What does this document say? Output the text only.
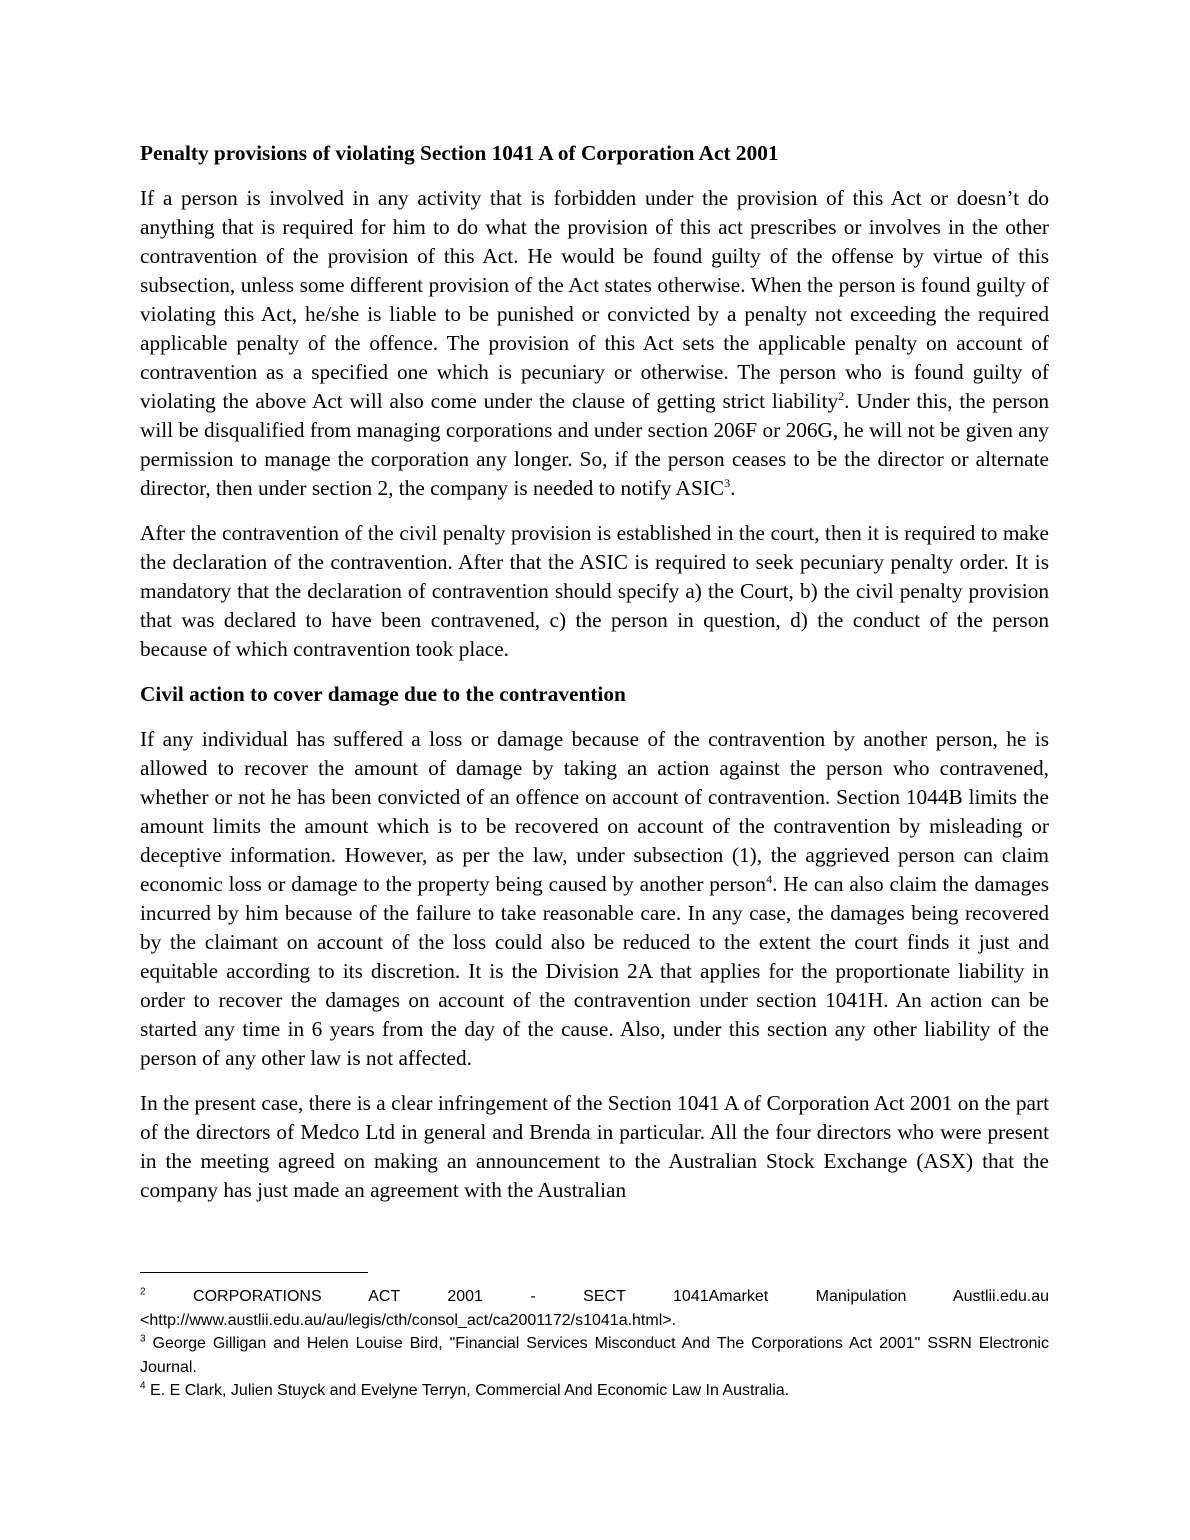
Penalty provisions of violating Section 1041 A of Corporation Act 2001

If a person is involved in any activity that is forbidden under the provision of this Act or doesn’t do anything that is required for him to do what the provision of this act prescribes or involves in the other contravention of the provision of this Act. He would be found guilty of the offense by virtue of this subsection, unless some different provision of the Act states otherwise. When the person is found guilty of violating this Act, he/she is liable to be punished or convicted by a penalty not exceeding the required applicable penalty of the offence. The provision of this Act sets the applicable penalty on account of contravention as a specified one which is pecuniary or otherwise. The person who is found guilty of violating the above Act will also come under the clause of getting strict liability$^2$. Under this, the person will be disqualified from managing corporations and under section 206F or 206G, he will not be given any permission to manage the corporation any longer. So, if the person ceases to be the director or alternate director, then under section 2, the company is needed to notify ASIC$^3$.

After the contravention of the civil penalty provision is established in the court, then it is required to make the declaration of the contravention. After that the ASIC is required to seek pecuniary penalty order. It is mandatory that the declaration of contravention should specify a) the Court, b) the civil penalty provision that was declared to have been contravened, c) the person in question, d) the conduct of the person because of which contravention took place.

Civil action to cover damage due to the contravention

If any individual has suffered a loss or damage because of the contravention by another person, he is allowed to recover the amount of damage by taking an action against the person who contravened, whether or not he has been convicted of an offence on account of contravention. Section 1044B limits the amount limits the amount which is to be recovered on account of the contravention by misleading or deceptive information. However, as per the law, under subsection (1), the aggrieved person can claim economic loss or damage to the property being caused by another person$^4$. He can also claim the damages incurred by him because of the failure to take reasonable care. In any case, the damages being recovered by the claimant on account of the loss could also be reduced to the extent the court finds it just and equitable according to its discretion. It is the Division 2A that applies for the proportionate liability in order to recover the damages on account of the contravention under section 1041H. An action can be started any time in 6 years from the day of the cause. Also, under this section any other liability of the person of any other law is not affected.

In the present case, there is a clear infringement of the Section 1041 A of Corporation Act 2001 on the part of the directors of Medco Ltd in general and Brenda in particular. All the four directors who were present in the meeting agreed on making an announcement to the Australian Stock Exchange (ASX) that the company has just made an agreement with the Australian

$^2$	CORPORATIONS ACT 2001 - SECT 1041Amarket Manipulation Austlii.edu.au <http://www.austlii.edu.au/au/legis/cth/consol_act/ca2001172/s1041a.html>.

$^3$ George Gilligan and Helen Louise Bird, "Financial Services Misconduct And The Corporations Act 2001" SSRN Electronic Journal.

$^4$ E. E Clark, Julien Stuyck and Evelyne Terryn, Commercial And Economic Law In Australia.
